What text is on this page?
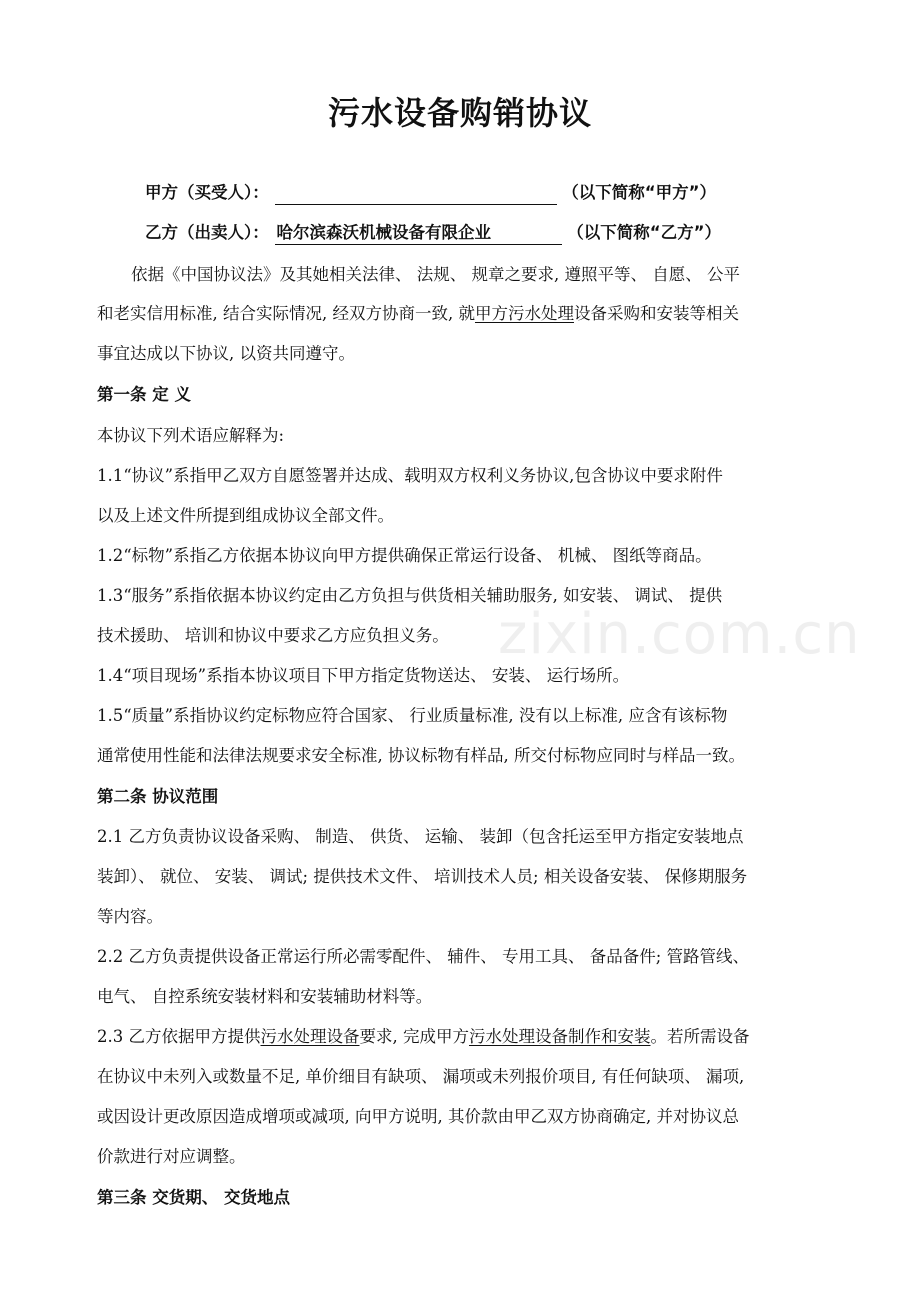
污水设备购销协议
甲方（买受人）：	（以下简称“甲方”）
乙方（出卖人）： 哈尔滨森沃机械设备有限企业	（以下简称“乙方”）
依据《中国协议法》及其她相关法律、 法规、 规章之要求, 遵照平等、 自愿、 公平
和老实信用标准, 结合实际情况, 经双方协商一致, 就甲方污水处理设备采购和安装等相关
事宜达成以下协议, 以资共同遵守。
第一条 定 义
本协议下列术语应解释为:
1.1“协议”系指甲乙双方自愿签署并达成、载明双方权利义务协议,包含协议中要求附件
以及上述文件所提到组成协议全部文件。
1.2“标物”系指乙方依据本协议向甲方提供确保正常运行设备、 机械、 图纸等商品。
1.3“服务”系指依据本协议约定由乙方负担与供货相关辅助服务, 如安装、 调试、 提供
技术援助、 培训和协议中要求乙方应负担义务。
1.4“项目现场”系指本协议项目下甲方指定货物送达、 安装、 运行场所。
1.5“质量”系指协议约定标物应符合国家、 行业质量标准, 没有以上标准, 应含有该标物
通常使用性能和法律法规要求安全标准, 协议标物有样品, 所交付标物应同时与样品一致。
第二条 协议范围
2.1 乙方负责协议设备采购、 制造、 供货、 运输、 装卸（包含托运至甲方指定安装地点
装卸）、 就位、 安装、 调试; 提供技术文件、 培训技术人员; 相关设备安装、 保修期服务
等内容。
2.2 乙方负责提供设备正常运行所必需零配件、 辅件、 专用工具、 备品备件; 管路管线、
电气、 自控系统安装材料和安装辅助材料等。
2.3 乙方依据甲方提供污水处理设备要求, 完成甲方污水处理设备制作和安装。若所需设备
在协议中未列入或数量不足, 单价细目有缺项、 漏项或未列报价项目, 有任何缺项、 漏项,
或因设计更改原因造成增项或减项, 向甲方说明, 其价款由甲乙双方协商确定, 并对协议总
价款进行对应调整。
第三条 交货期、 交货地点
zixin.com.cn
